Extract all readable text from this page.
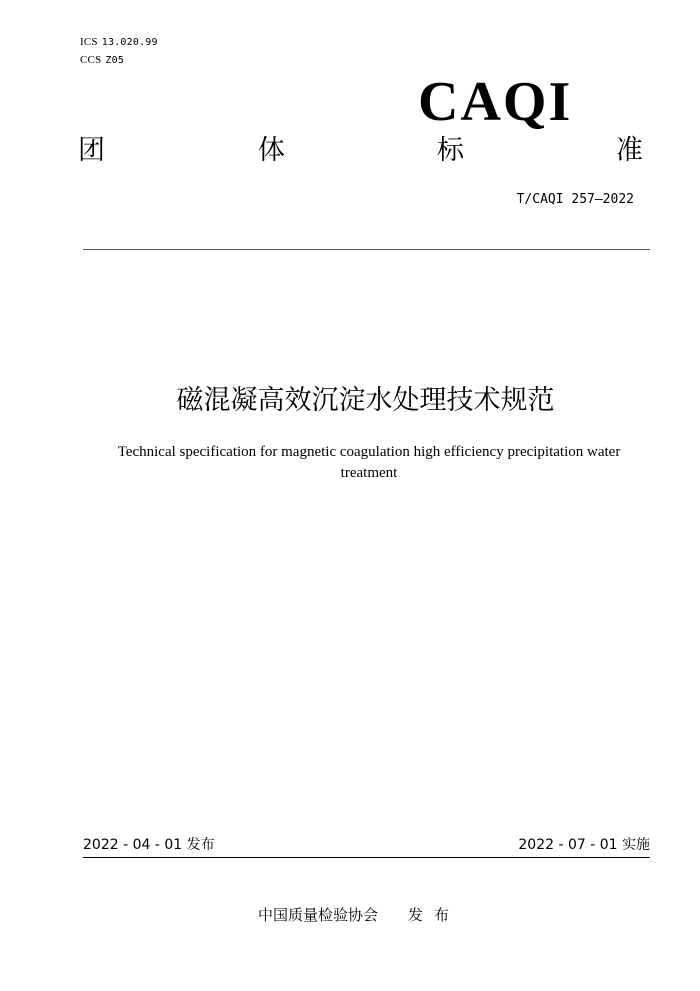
ICS 13.020.99
CCS Z05
CAQI
团	体	标	准
T/CAQI 257—2022
磁混凝高效沉淀水处理技术规范
Technical specification for magnetic coagulation high efficiency precipitation water treatment
2022 - 04 - 01 发布	2022 - 07 - 01 实施
中国质量检验协会 发布
